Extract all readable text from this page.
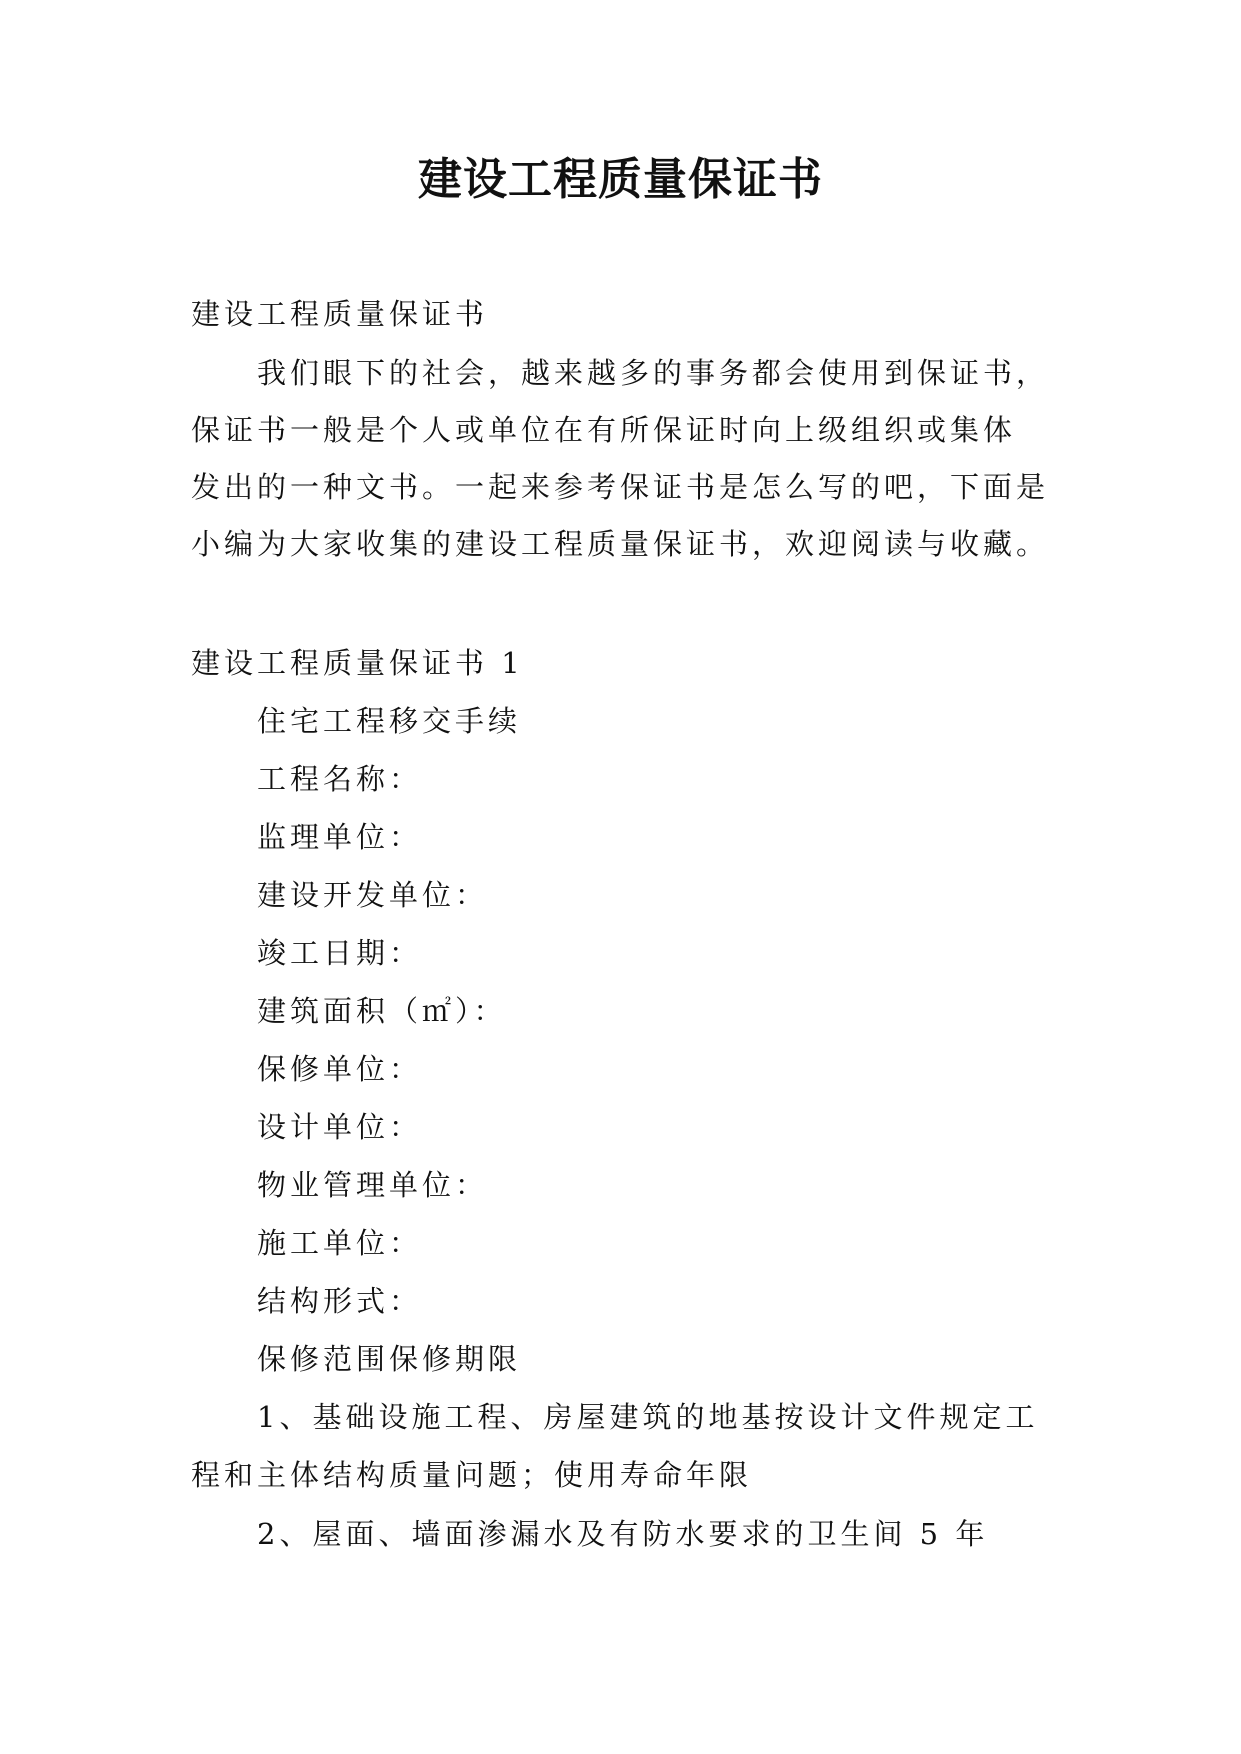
建设工程质量保证书

建设工程质量保证书

我们眼下的社会，越来越多的事务都会使用到保证书，

保证书一般是个人或单位在有所保证时向上级组织或集体

发出的一种文书。一起来参考保证书是怎么写的吧，下面是

小编为大家收集的建设工程质量保证书，欢迎阅读与收藏。

建设工程质量保证书 1

住宅工程移交手续

工程名称：

监理单位：

建设开发单位：

竣工日期：

建筑面积（㎡）：

保修单位：

设计单位：

物业管理单位：

施工单位：

结构形式：

保修范围保修期限

1、基础设施工程、房屋建筑的地基按设计文件规定工

程和主体结构质量问题；使用寿命年限

2、屋面、墙面渗漏水及有防水要求的卫生间 5 年
